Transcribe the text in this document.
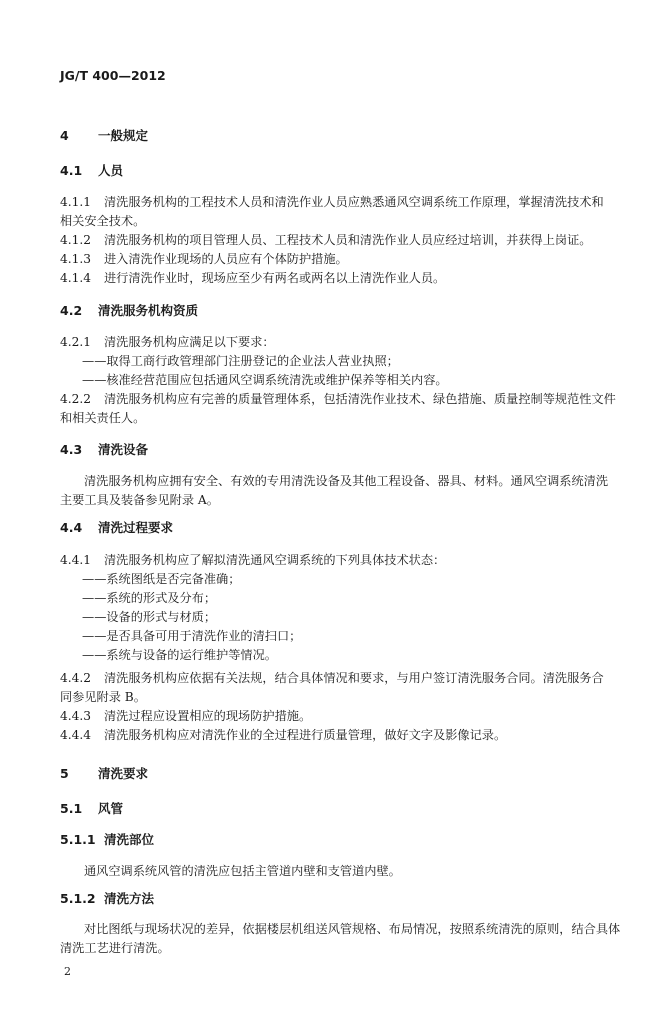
JG/T 400—2012
4 一般规定
4.1 人员
4.1.1 清洗服务机构的工程技术人员和清洗作业人员应熟悉通风空调系统工作原理，掌握清洗技术和
相关安全技术。
4.1.2 清洗服务机构的项目管理人员、工程技术人员和清洗作业人员应经过培训，并获得上岗证。
4.1.3 进入清洗作业现场的人员应有个体防护措施。
4.1.4 进行清洗作业时，现场应至少有两名或两名以上清洗作业人员。
4.2 清洗服务机构资质
4.2.1 清洗服务机构应满足以下要求：
——取得工商行政管理部门注册登记的企业法人营业执照；
——核准经营范围应包括通风空调系统清洗或维护保养等相关内容。
4.2.2 清洗服务机构应有完善的质量管理体系，包括清洗作业技术、绿色措施、质量控制等规范性文件
和相关责任人。
4.3 清洗设备
清洗服务机构应拥有安全、有效的专用清洗设备及其他工程设备、器具、材料。通风空调系统清洗
主要工具及装备参见附录 A。
4.4 清洗过程要求
4.4.1 清洗服务机构应了解拟清洗通风空调系统的下列具体技术状态：
——系统图纸是否完备准确；
——系统的形式及分布；
——设备的形式与材质；
——是否具备可用于清洗作业的清扫口；
——系统与设备的运行维护等情况。
4.4.2 清洗服务机构应依据有关法规，结合具体情况和要求，与用户签订清洗服务合同。清洗服务合
同参见附录 B。
4.4.3 清洗过程应设置相应的现场防护措施。
4.4.4 清洗服务机构应对清洗作业的全过程进行质量管理，做好文字及影像记录。
5 清洗要求
5.1 风管
5.1.1 清洗部位
通风空调系统风管的清洗应包括主管道内壁和支管道内壁。
5.1.2 清洗方法
对比图纸与现场状况的差异，依据楼层机组送风管规格、布局情况，按照系统清洗的原则，结合具体
清洗工艺进行清洗。
2
